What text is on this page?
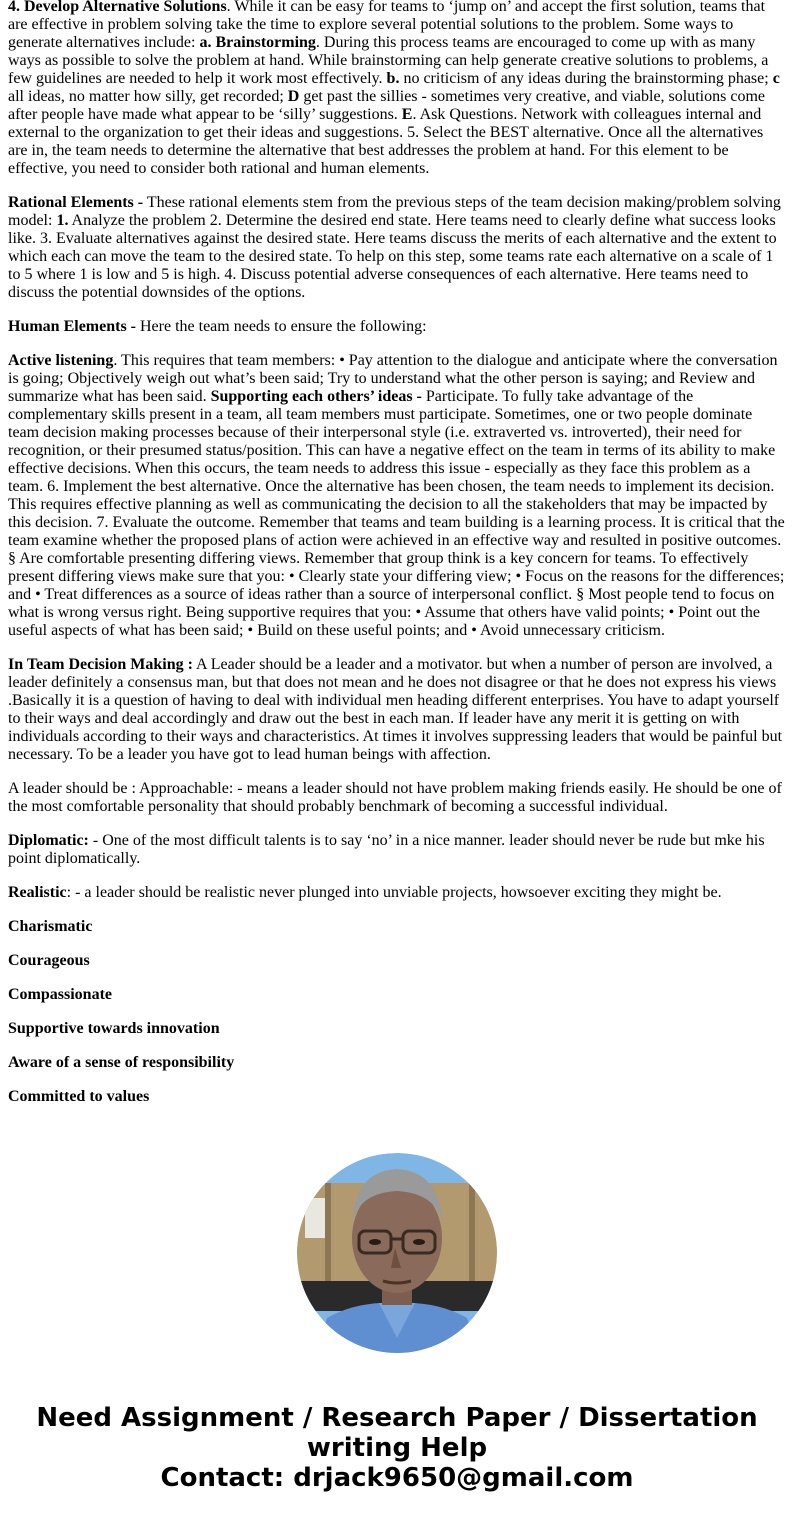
4. Develop Alternative Solutions. While it can be easy for teams to ‘jump on’ and accept the first solution, teams that are effective in problem solving take the time to explore several potential solutions to the problem. Some ways to generate alternatives include: a. Brainstorming. During this process teams are encouraged to come up with as many ways as possible to solve the problem at hand. While brainstorming can help generate creative solutions to problems, a few guidelines are needed to help it work most effectively. b. no criticism of any ideas during the brainstorming phase; c all ideas, no matter how silly, get recorded; D get past the sillies - sometimes very creative, and viable, solutions come after people have made what appear to be ‘silly’ suggestions. E. Ask Questions. Network with colleagues internal and external to the organization to get their ideas and suggestions. 5. Select the BEST alternative. Once all the alternatives are in, the team needs to determine the alternative that best addresses the problem at hand. For this element to be effective, you need to consider both rational and human elements.

Rational Elements - These rational elements stem from the previous steps of the team decision making/problem solving model: 1. Analyze the problem 2. Determine the desired end state. Here teams need to clearly define what success looks like. 3. Evaluate alternatives against the desired state. Here teams discuss the merits of each alternative and the extent to which each can move the team to the desired state. To help on this step, some teams rate each alternative on a scale of 1 to 5 where 1 is low and 5 is high. 4. Discuss potential adverse consequences of each alternative. Here teams need to discuss the potential downsides of the options.

Human Elements - Here the team needs to ensure the following:

Active listening. This requires that team members: • Pay attention to the dialogue and anticipate where the conversation is going; Objectively weigh out what’s been said; Try to understand what the other person is saying; and Review and summarize what has been said. Supporting each others’ ideas - Participate. To fully take advantage of the complementary skills present in a team, all team members must participate. Sometimes, one or two people dominate team decision making processes because of their interpersonal style (i.e. extraverted vs. introverted), their need for recognition, or their presumed status/position. This can have a negative effect on the team in terms of its ability to make effective decisions. When this occurs, the team needs to address this issue - especially as they face this problem as a team. 6. Implement the best alternative. Once the alternative has been chosen, the team needs to implement its decision. This requires effective planning as well as communicating the decision to all the stakeholders that may be impacted by this decision. 7. Evaluate the outcome. Remember that teams and team building is a learning process. It is critical that the team examine whether the proposed plans of action were achieved in an effective way and resulted in positive outcomes. § Are comfortable presenting differing views. Remember that group think is a key concern for teams. To effectively present differing views make sure that you: • Clearly state your differing view; • Focus on the reasons for the differences; and • Treat differences as a source of ideas rather than a source of interpersonal conflict. § Most people tend to focus on what is wrong versus right. Being supportive requires that you: • Assume that others have valid points; • Point out the useful aspects of what has been said; • Build on these useful points; and • Avoid unnecessary criticism.

In Team Decision Making : A Leader should be a leader and a motivator. but when a number of person are involved, a leader definitely a consensus man, but that does not mean and he does not disagree or that he does not express his views .Basically it is a question of having to deal with individual men heading different enterprises. You have to adapt yourself to their ways and deal accordingly and draw out the best in each man. If leader have any merit it is getting on with individuals according to their ways and characteristics. At times it involves suppressing leaders that would be painful but necessary. To be a leader you have got to lead human beings with affection.

A leader should be : Approachable: - means a leader should not have problem making friends easily. He should be one of the most comfortable personality that should probably benchmark of becoming a successful individual.

Diplomatic: - One of the most difficult talents is to say ‘no’ in a nice manner. leader should never be rude but mke his point diplomatically.

Realistic: - a leader should be realistic never plunged into unviable projects, howsoever exciting they might be.

Charismatic

Courageous

Compassionate

Supportive towards innovation

Aware of a sense of responsibility

Committed to values

Need Assignment / Research Paper / Dissertation
writing Help
Contact: drjack9650@gmail.com
